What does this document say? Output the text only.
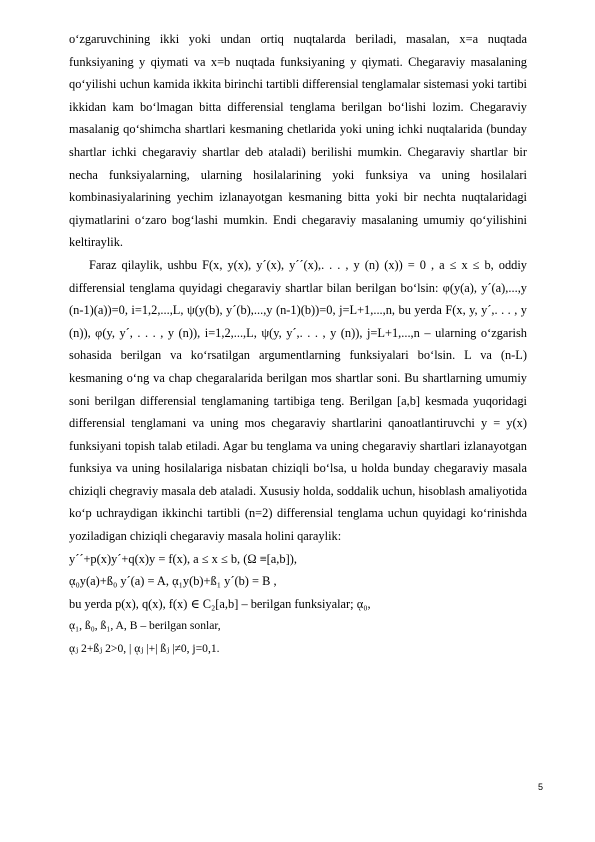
o‘zgaruvchining ikki yoki undan ortiq nuqtalarda beriladi, masalan, x=a nuqtada funksiyaning y qiymati va x=b nuqtada funksiyaning y qiymati. Chegaraviy masalaning qo‘yilishi uchun kamida ikkita birinchi tartibli differensial tenglamalar sistemasi yoki tartibi ikkidan kam bo‘lmagan bitta differensial tenglama berilgan bo‘lishi lozim. Chegaraviy masalanig qo‘shimcha shartlari kesmaning chetlarida yoki uning ichki nuqtalarida (bunday shartlar ichki chegaraviy shartlar deb ataladi) berilishi mumkin. Chegaraviy shartlar bir necha funksiyalarning, ularning hosilalarining yoki funksiya va uning hosilalari kombinasiyalarining yechim izlanayotgan kesmaning bitta yoki bir nechta nuqtalaridagi qiymatlarini o‘zaro bog‘lashi mumkin. Endi chegaraviy masalaning umumiy qo‘yilishini keltiraylik.

Faraz qilaylik, ushbu F(x, y(x), y´(x), y´´(x),. . . , y (n) (x)) = 0 , a ≤ x ≤ b, oddiy differensial tenglama quyidagi chegaraviy shartlar bilan berilgan bo‘lsin: φ(y(a), y´(a),...,y (n-1)(a))=0, i=1,2,...,L, ψ(y(b), y´(b),...,y (n-1)(b))=0, j=L+1,...,n, bu yerda F(x, y, y´,. . . , y (n)), φ(y, y´, . . . , y (n)), i=1,2,...,L, ψ(y, y´,. . . , y (n)), j=L+1,...,n – ularning o‘zgarish sohasida berilgan va ko‘rsatilgan argumentlarning funksiyalari bo‘lsin. L va (n-L) kesmaning o‘ng va chap chegaralarida berilgan mos shartlar soni. Bu shartlarning umumiy soni berilgan differensial tenglamaning tartibiga teng. Berilgan [a,b] kesmada yuqoridagi differensial tenglamani va uning mos chegaraviy shartlarini qanoatlantiruvchi y = y(x) funksiyani topish talab etiladi. Agar bu tenglama va uning chegaraviy shartlari izlanayotgan funksiya va uning hosilalariga nisbatan chiziqli bo‘lsa, u holda bunday chegaraviy masala chiziqli chegraviy masala deb ataladi. Xususiy holda, soddalik uchun, hisoblash amaliyotida ko‘p uchraydigan ikkinchi tartibli (n=2) differensial tenglama uchun quyidagi ko‘rinishda yoziladigan chiziqli chegaraviy masala holini qaraylik:

y´´+p(x)y´+q(x)y = f(x), a ≤ x ≤ b, (Ω ≡[a,b]),

ᾳ₀y(a)+ß₀ y´(a) = A, ᾳ₁y(b)+ß₁ y´(b) = B ,

bu yerda p(x), q(x), f(x) ∈ C₂[a,b] – berilgan funksiyalar; ᾳ₀,

ᾳ₁, ß₀, ß₁, A, B – berilgan sonlar,

ᾳⱼ 2+ßⱼ 2>0, | ᾳⱼ |+| ßⱼ |≠0, j=0,1.

5
